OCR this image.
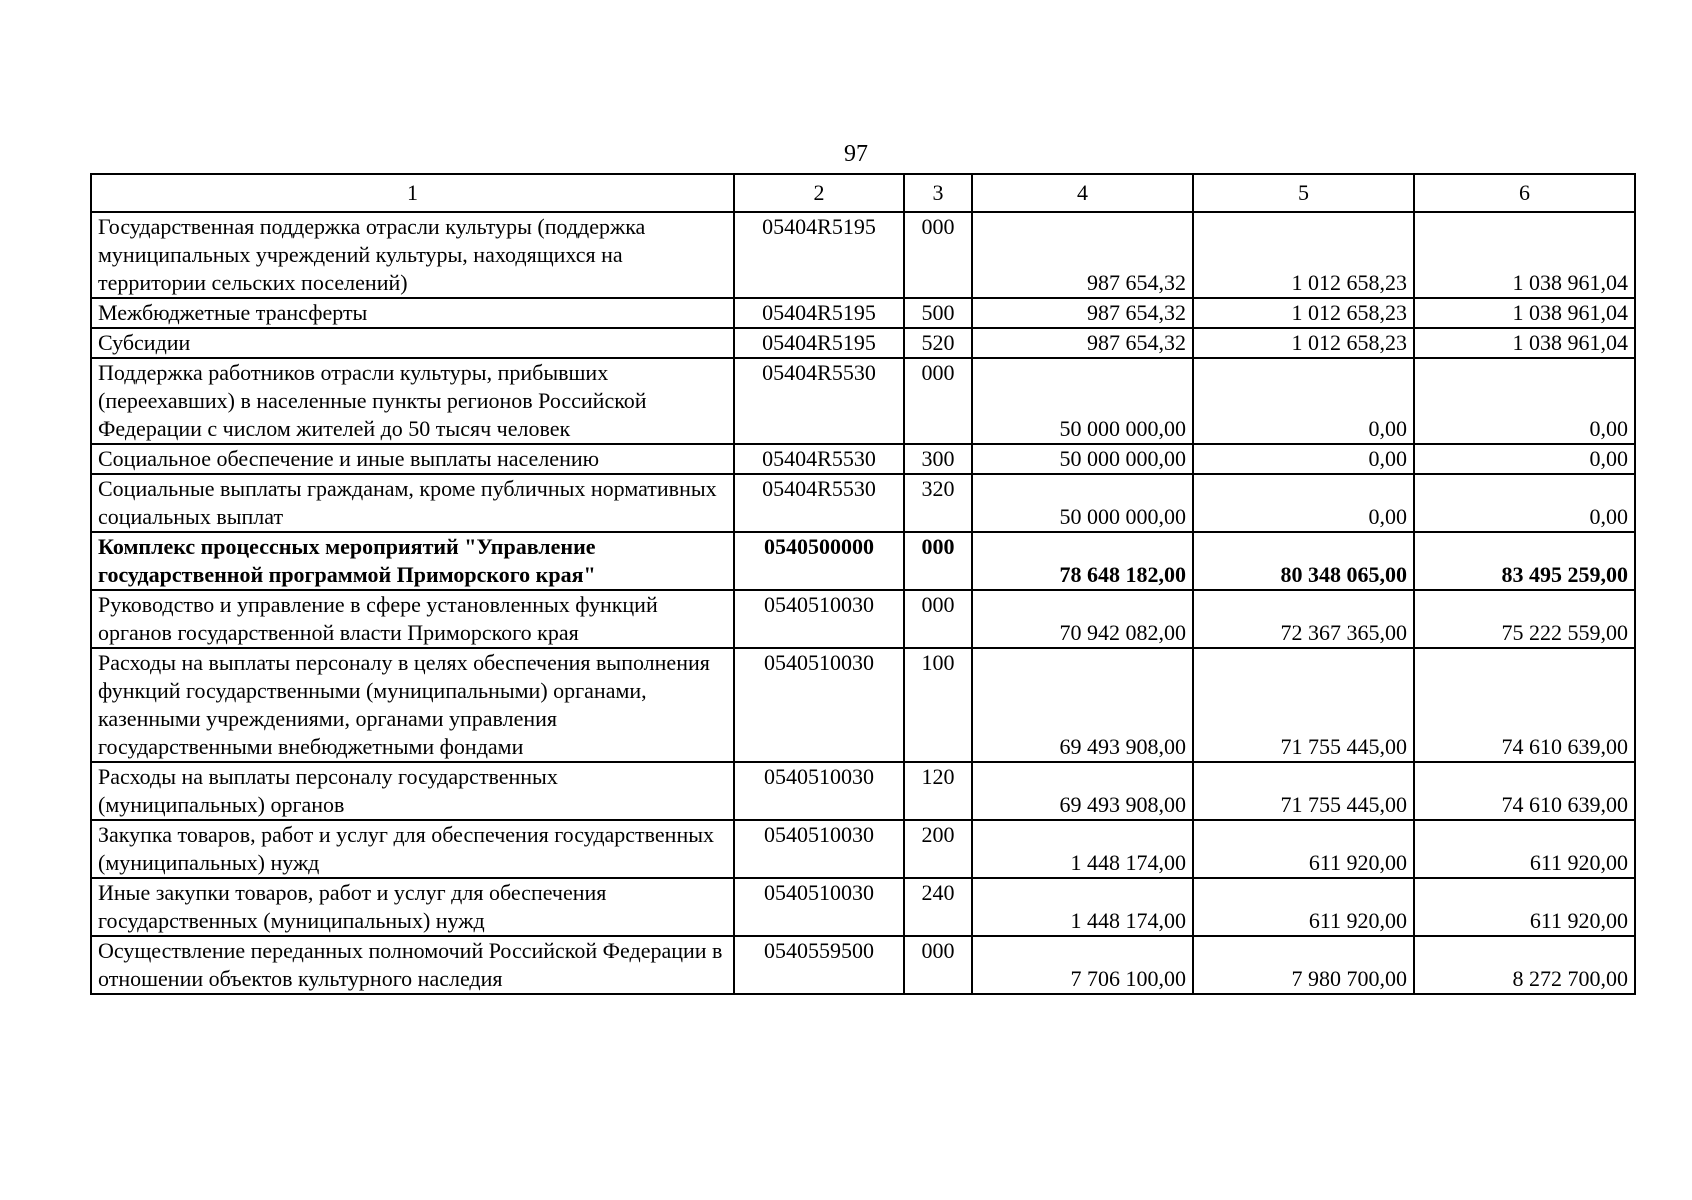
97
1	2	3	4	5	6
Государственная поддержка отрасли культуры (поддержка муниципальных учреждений культуры, находящихся на территории сельских поселений)	05404R5195	000	987 654,32	1 012 658,23	1 038 961,04
Межбюджетные трансферты	05404R5195	500	987 654,32	1 012 658,23	1 038 961,04
Субсидии	05404R5195	520	987 654,32	1 012 658,23	1 038 961,04
Поддержка работников отрасли культуры, прибывших (переехавших) в населенные пункты регионов Российской Федерации с числом жителей до 50 тысяч человек	05404R5530	000	50 000 000,00	0,00	0,00
Социальное обеспечение и иные выплаты населению	05404R5530	300	50 000 000,00	0,00	0,00
Социальные выплаты гражданам, кроме публичных нормативных социальных выплат	05404R5530	320	50 000 000,00	0,00	0,00
Комплекс процессных мероприятий "Управление государственной программой Приморского края"	0540500000	000	78 648 182,00	80 348 065,00	83 495 259,00
Руководство и управление в сфере установленных функций органов государственной власти Приморского края	0540510030	000	70 942 082,00	72 367 365,00	75 222 559,00
Расходы на выплаты персоналу в целях обеспечения выполнения функций государственными (муниципальными) органами, казенными учреждениями, органами управления государственными внебюджетными фондами	0540510030	100	69 493 908,00	71 755 445,00	74 610 639,00
Расходы на выплаты персоналу государственных (муниципальных) органов	0540510030	120	69 493 908,00	71 755 445,00	74 610 639,00
Закупка товаров, работ и услуг для обеспечения государственных (муниципальных) нужд	0540510030	200	1 448 174,00	611 920,00	611 920,00
Иные закупки товаров, работ и услуг для обеспечения государственных (муниципальных) нужд	0540510030	240	1 448 174,00	611 920,00	611 920,00
Осуществление переданных полномочий Российской Федерации в отношении объектов культурного наследия	0540559500	000	7 706 100,00	7 980 700,00	8 272 700,00
